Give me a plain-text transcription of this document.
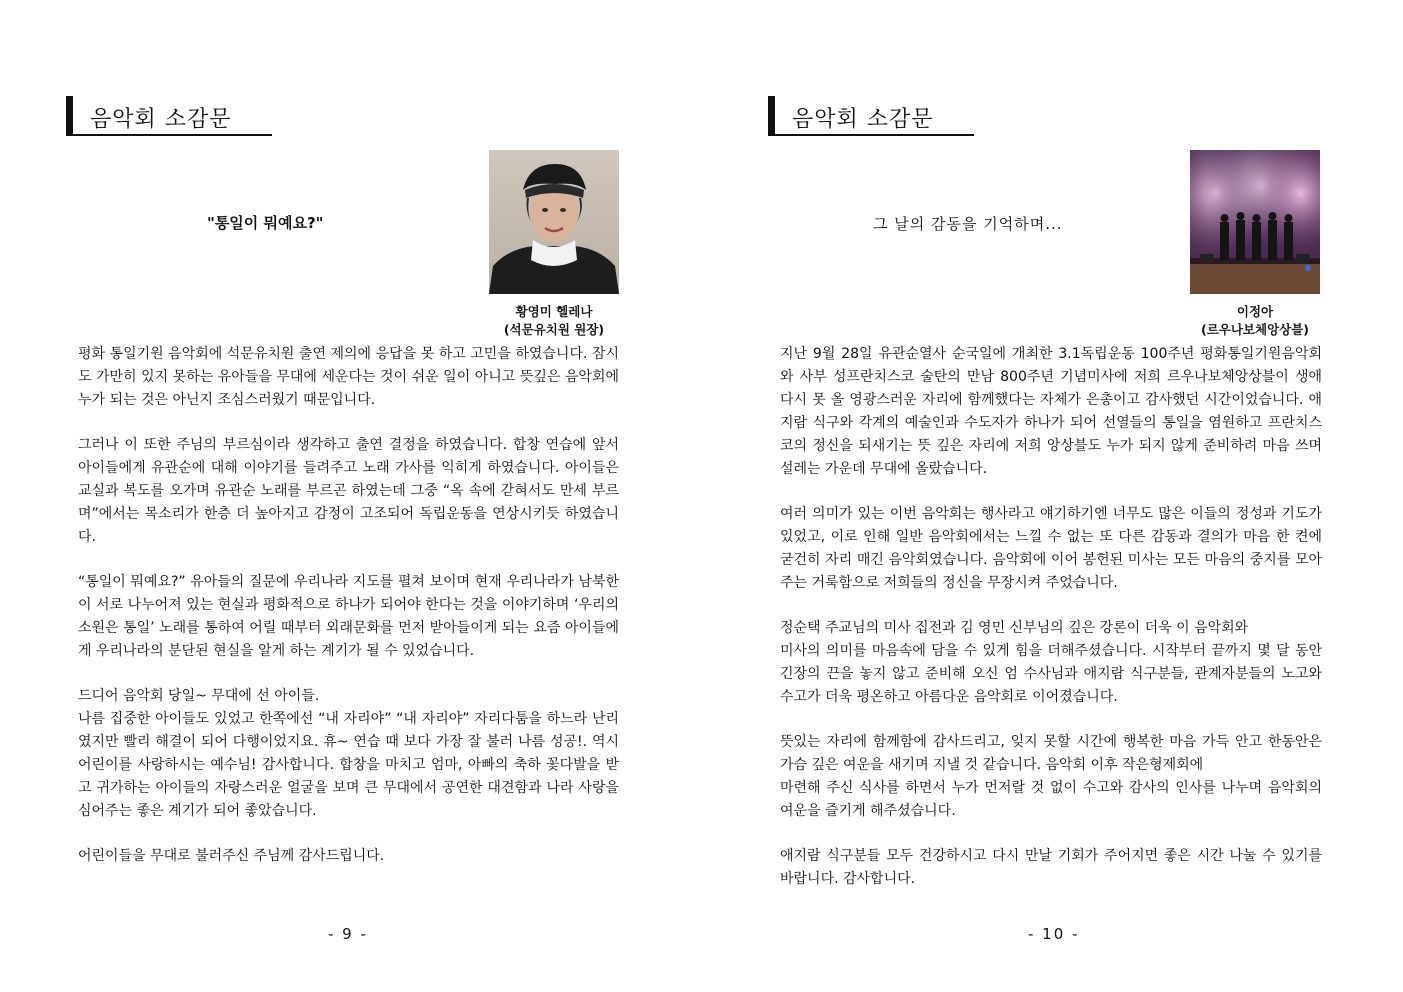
음악회 소감문
"통일이 뭐예요?"
황영미 헬레나
(석문유치원 원장)

평화 통일기원 음악회에 석문유치원 출연 제의에 응답을 못 하고 고민을 하였습니다. 잠시도 가만히 있지 못하는 유아들을 무대에 세운다는 것이 쉬운 일이 아니고 뜻깊은 음악회에 누가 되는 것은 아닌지 조심스러웠기 때문입니다.

그러나 이 또한 주님의 부르심이라 생각하고 출연 결정을 하였습니다. 합창 연습에 앞서 아이들에게 유관순에 대해 이야기를 들려주고 노래 가사를 익히게 하였습니다. 아이들은 교실과 복도를 오가며 유관순 노래를 부르곤 하였는데 그중 “옥 속에 갇혀서도 만세 부르며”에서는 목소리가 한층 더 높아지고 감정이 고조되어 독립운동을 연상시키듯 하였습니다.

“통일이 뭐예요?” 유아들의 질문에 우리나라 지도를 펼쳐 보이며 현재 우리나라가 남북한이 서로 나누어져 있는 현실과 평화적으로 하나가 되어야 한다는 것을 이야기하며 ‘우리의 소원은 통일’ 노래를 통하여 어릴 때부터 외래문화를 먼저 받아들이게 되는 요즘 아이들에게 우리나라의 분단된 현실을 알게 하는 계기가 될 수 있었습니다.

드디어 음악회 당일~ 무대에 선 아이들.
나름 집중한 아이들도 있었고 한쪽에선 “내 자리야” “내 자리야” 자리다툼을 하느라 난리였지만 빨리 해결이 되어 다행이었지요. 휴~ 연습 때 보다 가장 잘 불러 나름 성공!. 역시 어린이를 사랑하시는 예수님! 감사합니다. 합창을 마치고 엄마, 아빠의 축하 꽃다발을 받고 귀가하는 아이들의 자랑스러운 얼굴을 보며 큰 무대에서 공연한 대견함과 나라 사랑을 심어주는 좋은 계기가 되어 좋았습니다.

어린이들을 무대로 불러주신 주님께 감사드립니다.

- 9 -
음악회 소감문
그 날의 감동을 기억하며...
이정아
(르우나보체앙상블)

지난 9월 28일 유관순열사 순국일에 개최한 3.1독립운동 100주년 평화통일기원음악회와 사부 성프란치스코 술탄의 만남 800주년 기념미사에 저희 르우나보체앙상블이 생애 다시 못 올 영광스러운 자리에 함께했다는 자체가 은총이고 감사했던 시간이었습니다. 애지람 식구와 각계의 예술인과 수도자가 하나가 되어 선열들의 통일을 염원하고 프란치스코의 정신을 되새기는 뜻 깊은 자리에 저희 앙상블도 누가 되지 않게 준비하려 마음 쓰며 설레는 가운데 무대에 올랐습니다.

여러 의미가 있는 이번 음악회는 행사라고 얘기하기엔 너무도 많은 이들의 정성과 기도가 있었고, 이로 인해 일반 음악회에서는 느낄 수 없는 또 다른 감동과 결의가 마음 한 켠에 굳건히 자리 매긴 음악회였습니다. 음악회에 이어 봉헌된 미사는 모든 마음의 중지를 모아주는 거룩함으로 저희들의 정신을 무장시켜 주었습니다.

정순택 주교님의 미사 집전과 김 영민 신부님의 깊은 강론이 더욱 이 음악회와
미사의 의미를 마음속에 담을 수 있게 힘을 더해주셨습니다. 시작부터 끝까지 몇 달 동안 긴장의 끈을 놓지 않고 준비해 오신 엄 수사님과 애지람 식구분들, 관계자분들의 노고와 수고가 더욱 평온하고 아름다운 음악회로 이어졌습니다.

뜻있는 자리에 함께함에 감사드리고, 잊지 못할 시간에 행복한 마음 가득 안고 한동안은 가슴 깊은 여운을 새기며 지낼 것 같습니다. 음악회 이후 작은형제회에
마련해 주신 식사를 하면서 누가 먼저랄 것 없이 수고와 감사의 인사를 나누며 음악회의 여운을 즐기게 해주셨습니다.

애지람 식구분들 모두 건강하시고 다시 만날 기회가 주어지면 좋은 시간 나눌 수 있기를 바랍니다. 감사합니다.

- 10 -
